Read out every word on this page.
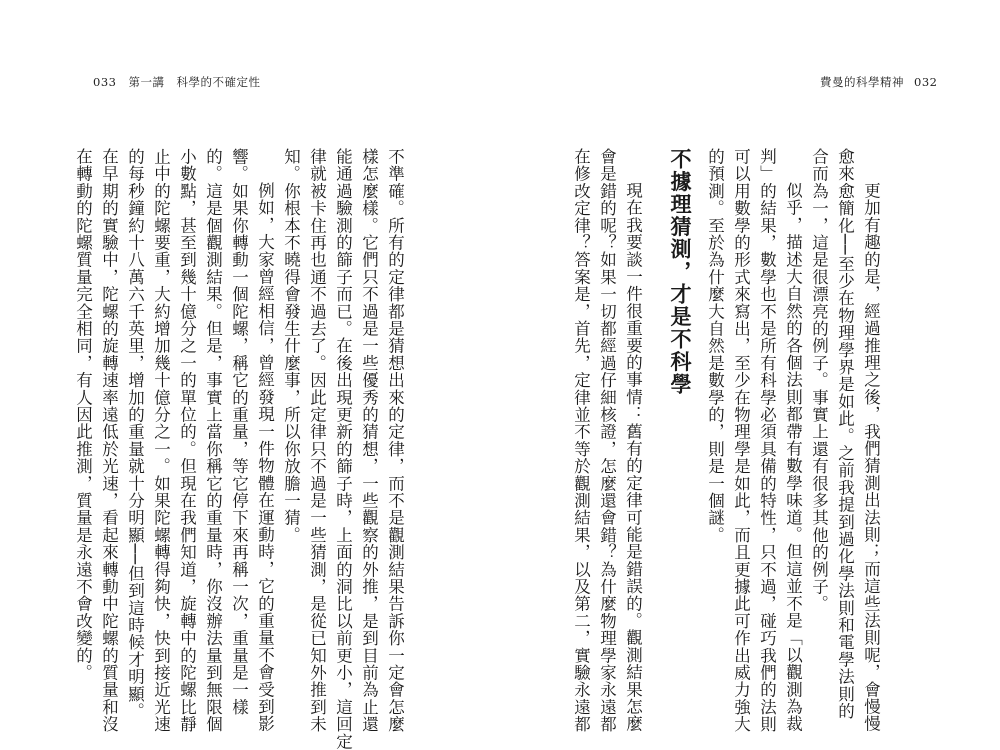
033 第一講　科學的不確定性	費曼的科學精神 032
更加有趣的是，經過推理之後，我們猜測出法則；而這些法則呢，會慢慢
愈來愈簡化──至少在物理學界是如此。之前我提到過化學法則和電學法則的
合而為一，這是很漂亮的例子。事實上還有很多其他的例子。
似乎，描述大自然的各個法則都帶有數學味道。但這並不是「以觀測為裁
判」的結果，數學也不是所有科學必須具備的特性，只不過，碰巧我們的法則
可以用數學的形式來寫出，至少在物理學是如此，而且更據此可作出威力強大
的預測。至於為什麼大自然是數學的，則是一個謎。
不據理猜測，才是不科學
現在我要談一件很重要的事情：舊有的定律可能是錯誤的。觀測結果怎麼
會是錯的呢？如果一切都經過仔細核證，怎麼還會錯？為什麼物理學家永遠都
在修改定律？答案是，首先，定律並不等於觀測結果，以及第二，實驗永遠都
不準確。所有的定律都是猜想出來的定律，而不是觀測結果告訴你一定會怎麼
樣怎麼樣。它們只不過是一些優秀的猜想，一些觀察的外推，是到目前為止還
能通過驗測的篩子而已。在後出現更新的篩子時，上面的洞比以前更小，這回定
律就被卡住再也通不過去了。因此定律只不過是一些猜測，是從已知外推到未
知。你根本不曉得會發生什麼事，所以你放膽一猜。
例如，大家曾經相信，曾經發現一件物體在運動時，它的重量不會受到影
響。如果你轉動一個陀螺，稱它的重量，等它停下來再稱一次，重量是一樣
的。這是個觀測結果。但是，事實上當你稱它的重量時，你沒辦法量到無限個
小數點，甚至到幾十億分之一的單位的。但現在我們知道，旋轉中的陀螺比靜
止中的陀螺要重，大約增加幾十億分之一。如果陀螺轉得夠快，快到接近光速
的每秒鐘約十八萬六千英里，增加的重量就十分明顯──但到這時候才明顯。
在早期的實驗中，陀螺的旋轉速率遠低於光速，看起來轉動中陀螺的質量和沒
在轉動的陀螺質量完全相同，有人因此推測，質量是永遠不會改變的。
